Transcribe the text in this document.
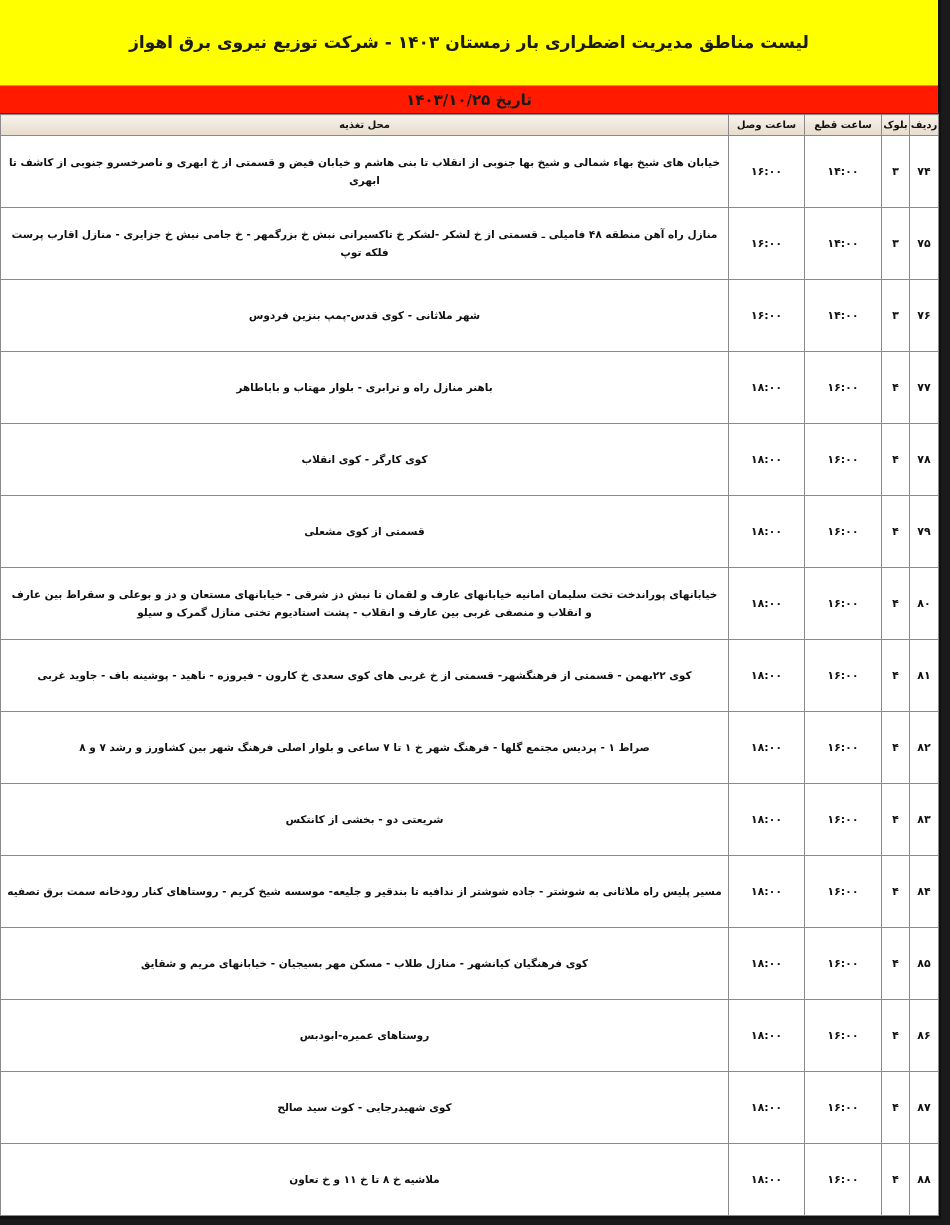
لیست مناطق مدیریت اضطراری بار زمستان ۱۴۰۳ - شرکت توزیع نیروی برق اهواز
تاریخ ۱۴۰۳/۱۰/۲۵
ردیف	بلوک	ساعت قطع	ساعت وصل	محل تغذیه
۷۴	۳	۱۴:۰۰	۱۶:۰۰	خیابان های شیخ بهاء شمالی و شیخ بها جنوبی از انقلاب تا بنی هاشم و خیابان فیض و قسمتی از خ ابهری و ناصرخسرو جنوبی از کاشف تا ابهری
۷۵	۳	۱۴:۰۰	۱۶:۰۰	منازل راه آهن منطقه ۴۸ فامیلی ـ قسمتی از خ لشکر -لشکر خ تاکسیرانی نبش خ بزرگمهر - خ جامی نبش خ جزایری - منازل اقارب پرست فلکه توپ
۷۶	۳	۱۴:۰۰	۱۶:۰۰	شهر ملاثانی - کوی قدس-پمپ بنزین فردوس
۷۷	۴	۱۶:۰۰	۱۸:۰۰	باهنر منازل راه و ترابری - بلوار مهتاب و باباطاهر
۷۸	۴	۱۶:۰۰	۱۸:۰۰	کوی کارگر - کوی انقلاب
۷۹	۴	۱۶:۰۰	۱۸:۰۰	قسمتی از کوی مشعلی
۸۰	۴	۱۶:۰۰	۱۸:۰۰	خیابانهای پوراندخت تخت سلیمان امانیه خیابانهای عارف و لقمان تا نبش دز شرقی - خیابانهای مستعان و دز و بوعلی و سقراط بین عارف و انقلاب و منصفی غربی بین عارف و انقلاب - پشت استادیوم تختی منازل گمرک و سیلو
۸۱	۴	۱۶:۰۰	۱۸:۰۰	کوی ۲۲بهمن - قسمتی از فرهنگشهر- قسمتی از خ غربی های کوی سعدی خ کارون - فیروزه - ناهید - پوشینه باف - جاوید غربی
۸۲	۴	۱۶:۰۰	۱۸:۰۰	صراط ۱ - پردیس مجتمع گلها - فرهنگ شهر خ ۱ تا ۷ ساعی و بلوار اصلی فرهنگ شهر بین کشاورز و رشد ۷ و ۸
۸۳	۴	۱۶:۰۰	۱۸:۰۰	شریعتی دو - بخشی از کانتکس
۸۴	۴	۱۶:۰۰	۱۸:۰۰	مسیر پلیس راه ملاثانی به شوشتر - جاده شوشتر از ندافیه تا بندقیر و جلیعه- موسسه شیخ کریم - روستاهای کنار رودخانه سمت برق تصفیه
۸۵	۴	۱۶:۰۰	۱۸:۰۰	کوی فرهنگیان کیانشهر - منازل طلاب - مسکن مهر بسیجیان - خیابانهای مریم و شقایق
۸۶	۴	۱۶:۰۰	۱۸:۰۰	روستاهای عمیره-ابودبس
۸۷	۴	۱۶:۰۰	۱۸:۰۰	کوی شهیدرجایی - کوت سید صالح
۸۸	۴	۱۶:۰۰	۱۸:۰۰	ملاشیه خ ۸ تا خ ۱۱ و خ تعاون
